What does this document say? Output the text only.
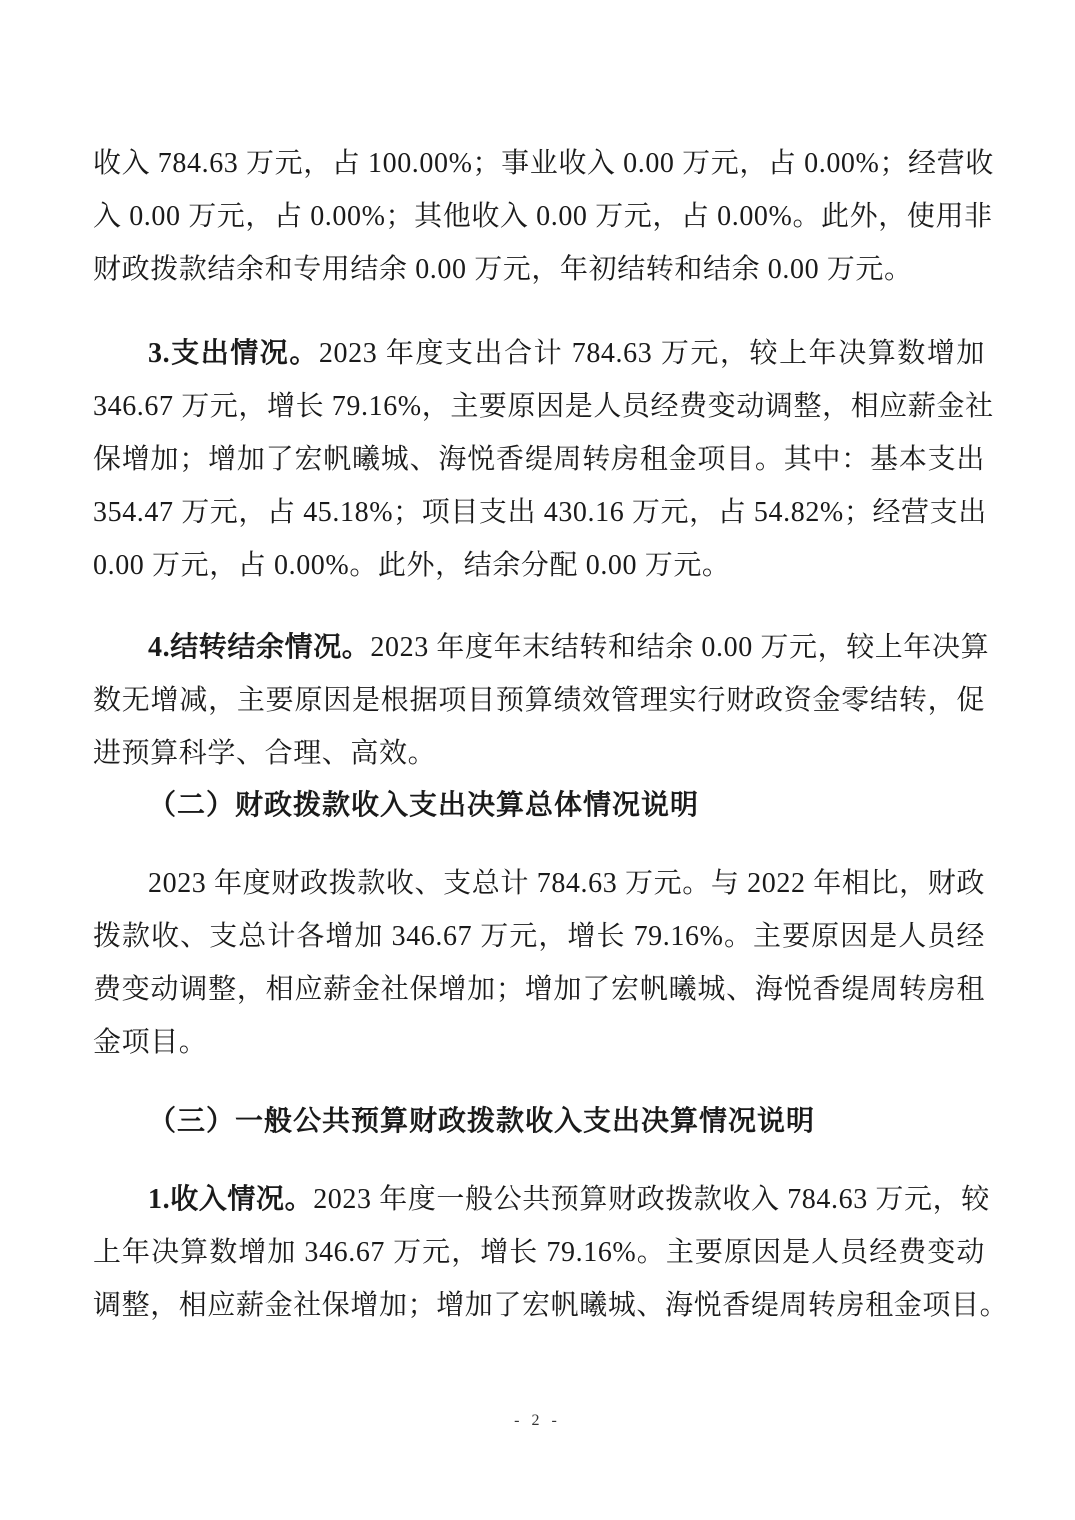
收入 784.63 万元，占 100.00%；事业收入 0.00 万元，占 0.00%；经营收
入 0.00 万元，占 0.00%；其他收入 0.00 万元，占 0.00%。此外，使用非
财政拨款结余和专用结余 0.00 万元，年初结转和结余 0.00 万元。
3.支出情况。2023 年度支出合计 784.63 万元，较上年决算数增加
346.67 万元，增长 79.16%，主要原因是人员经费变动调整，相应薪金社
保增加；增加了宏帆曦城、海悦香缇周转房租金项目。其中：基本支出
354.47 万元，占 45.18%；项目支出 430.16 万元，占 54.82%；经营支出
0.00 万元，占 0.00%。此外，结余分配 0.00 万元。
4.结转结余情况。2023 年度年末结转和结余 0.00 万元，较上年决算
数无增减，主要原因是根据项目预算绩效管理实行财政资金零结转，促
进预算科学、合理、高效。
（二）财政拨款收入支出决算总体情况说明
2023 年度财政拨款收、支总计 784.63 万元。与 2022 年相比，财政
拨款收、支总计各增加 346.67 万元，增长 79.16%。主要原因是人员经
费变动调整，相应薪金社保增加；增加了宏帆曦城、海悦香缇周转房租
金项目。
（三）一般公共预算财政拨款收入支出决算情况说明
1.收入情况。2023 年度一般公共预算财政拨款收入 784.63 万元，较
上年决算数增加 346.67 万元，增长 79.16%。主要原因是人员经费变动
调整，相应薪金社保增加；增加了宏帆曦城、海悦香缇周转房租金项目。
- 2 -
